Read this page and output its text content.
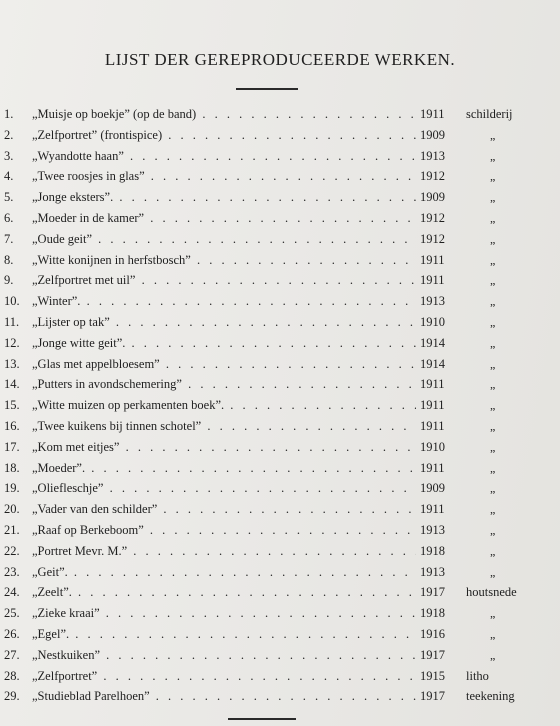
LIJST DER GEREPRODUCEERDE WERKEN.
1.	„Muisje op boekje” (op de band) . . .	1911	schilderij
2.	„Zelfportret” (frontispice) . . .	1909	„
3.	„Wyandotte haan” . . .	1913	„
4.	„Twee roosjes in glas” . . .	1912	„
5.	„Jonge eksters”. . . .	1909	„
6.	„Moeder in de kamer” . . .	1912	„
7.	„Oude geit” . . .	1912	„
8.	„Witte konijnen in herfstbosch” . . .	1911	„
9.	„Zelfportret met uil” . . .	1911	„
10. „Winter”. . . .	1913	„
11.	„Lijster op tak” . . .	1910	„
12. „Jonge witte geit”. . . .	1914	„
13. „Glas met appelbloesem” . . .	1914	„
14. „Putters in avondschemering” . . .	1911	„
15. „Witte muizen op perkamenten boek”. . . .	1911	„
16. „Twee kuikens bij tinnen schotel” . . .	1911	„
17. „Kom met eitjes” . . .	1910	„
18. „Moeder”. . . .	1911	„
19. „Oliefleschje” . . .	1909	„
20. „Vader van den schilder” . . .	1911	„
21. „Raaf op Berkeboom” . . .	1913	„
22. „Portret Mevr. M.” . . .	1918	„
23. „Geit”. . . .	1913	„
24. „Zeelt”. . . .	1917	houtsnede
25. „Zieke kraai” . . .	1918	„
26. „Egel”. . . .	1916	„
27. „Nestkuiken” . . .	1917	„
28. „Zelfportret” . . .	1915	litho
29. „Studieblad Parelhoen” . . .	1917	teekening
